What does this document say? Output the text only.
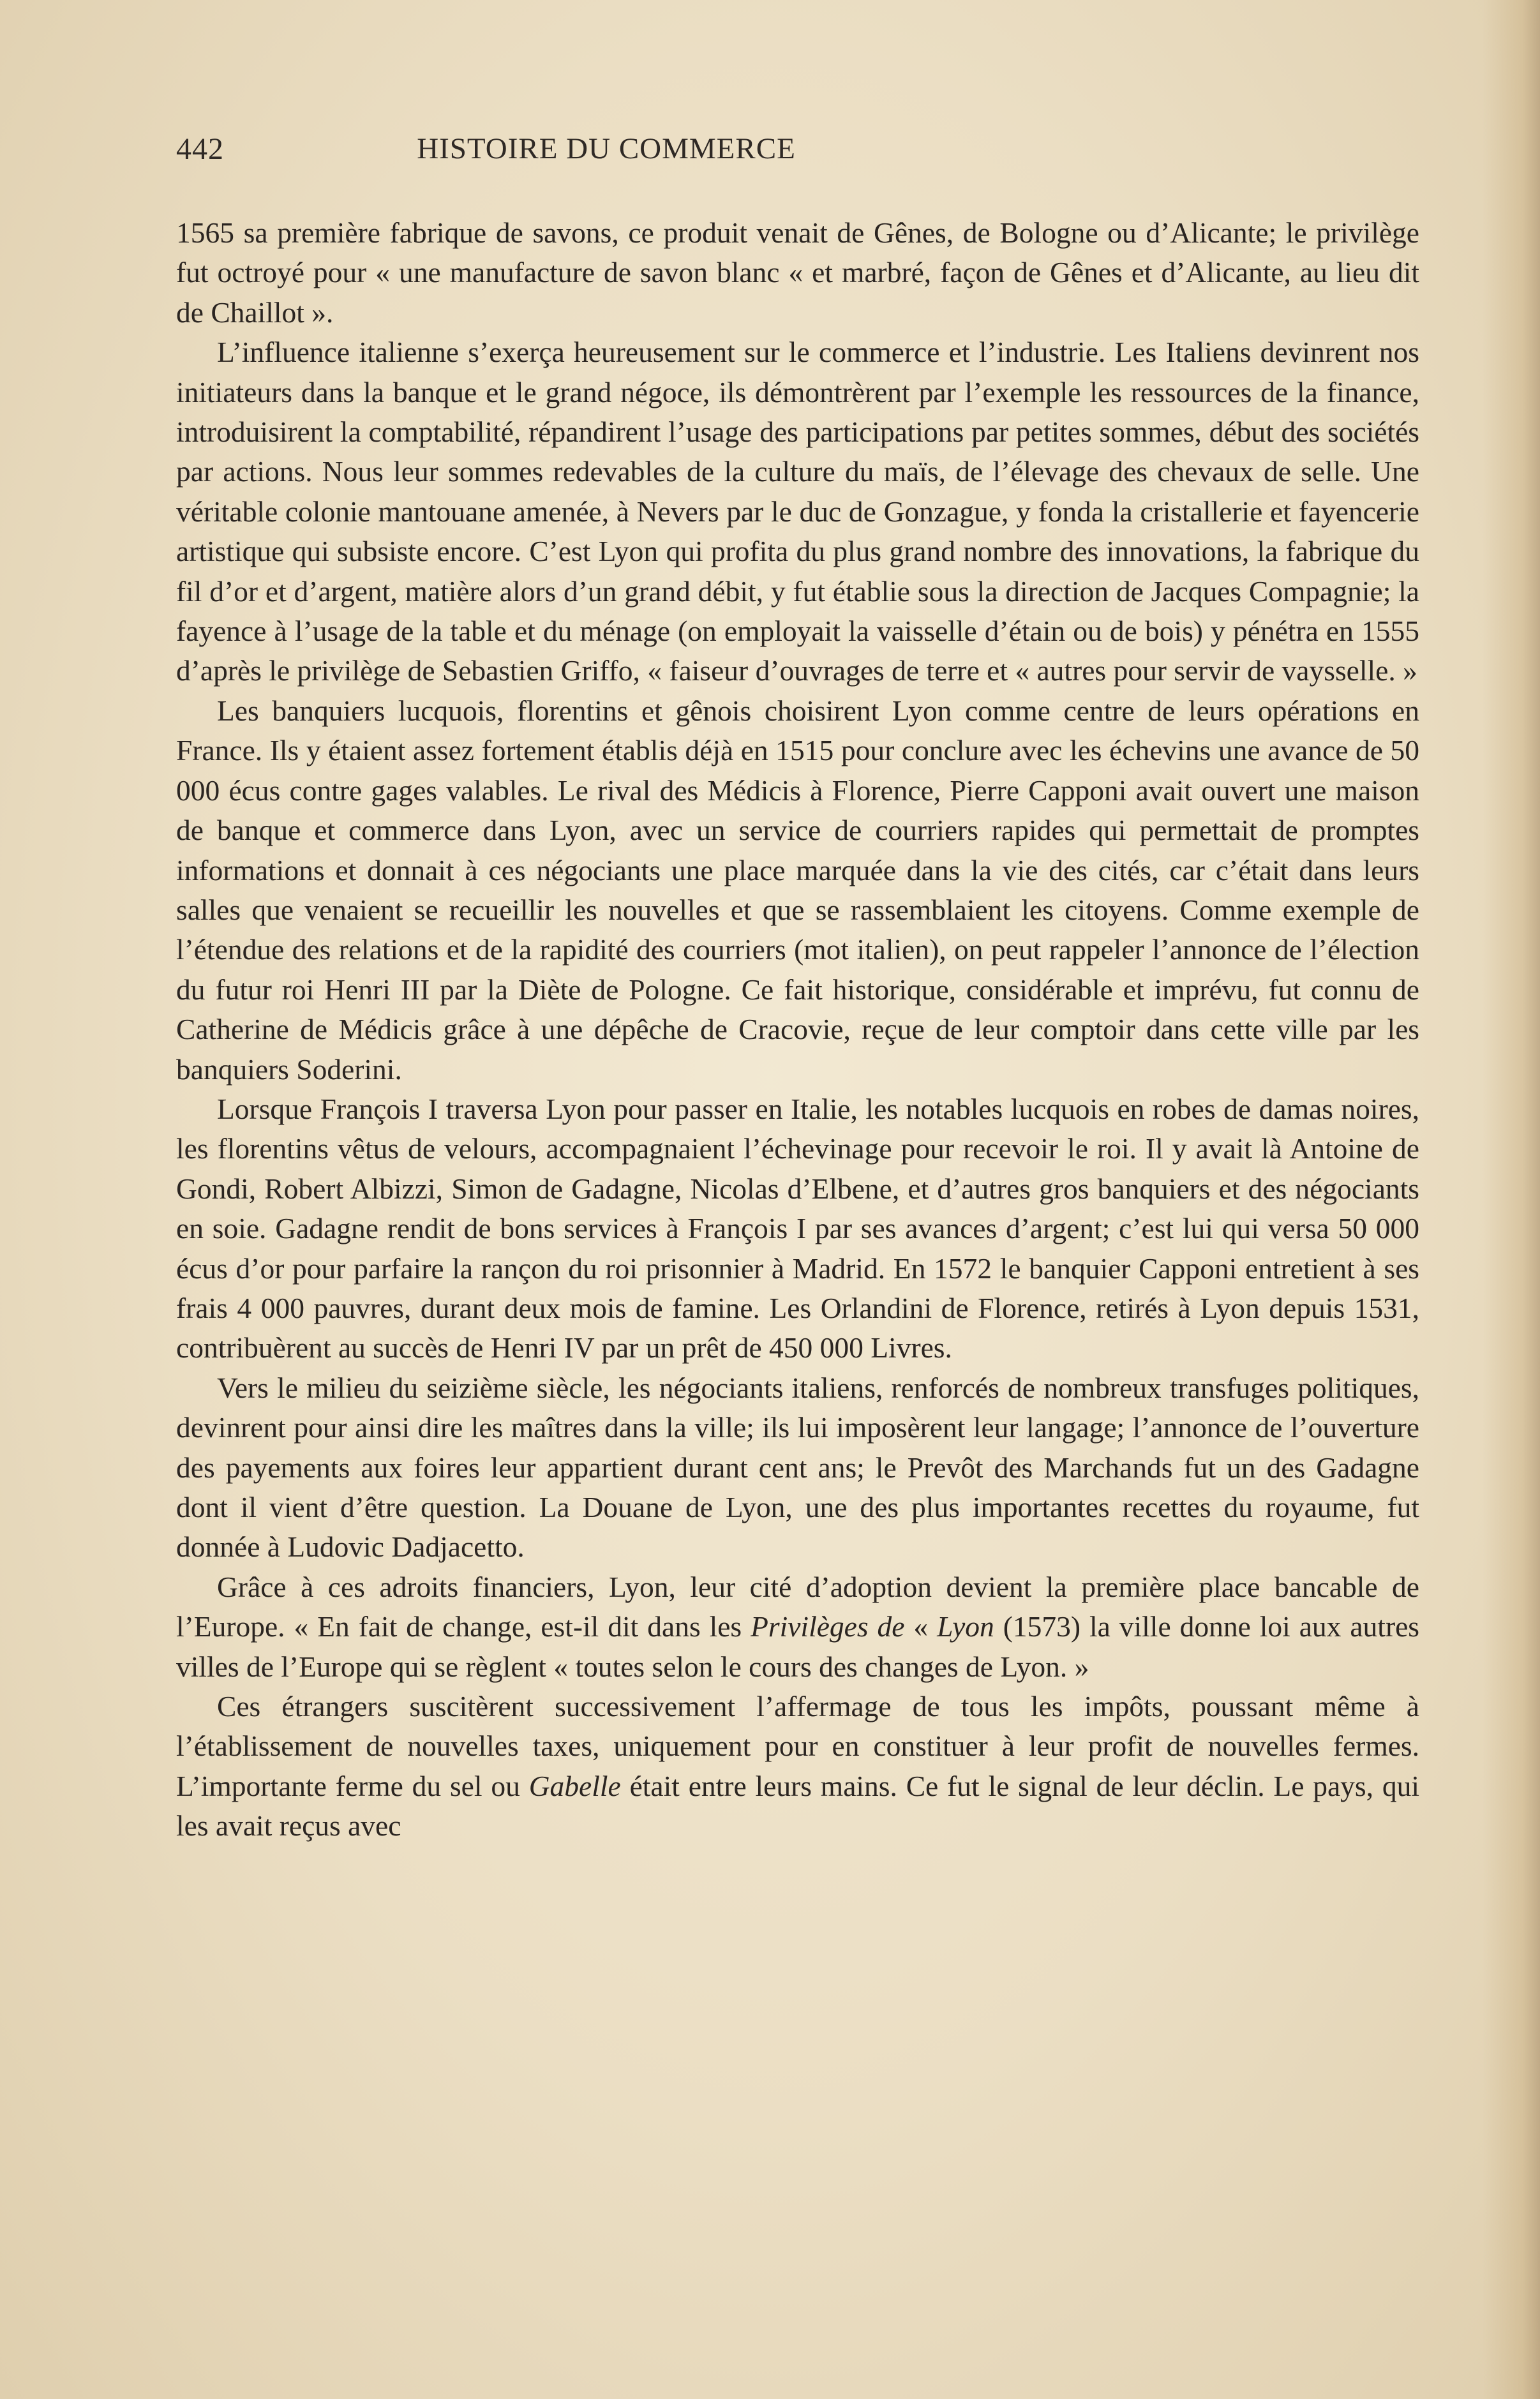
442	HISTOIRE DU COMMERCE

1565 sa première fabrique de savons, ce produit venait de Gênes, de Bologne ou d’Alicante; le privilège fut octroyé pour « une manufacture de savon blanc « et marbré, façon de Gênes et d’Alicante, au lieu dit de Chaillot ».

L’influence italienne s’exerça heureusement sur le commerce et l’industrie. Les Italiens devinrent nos initiateurs dans la banque et le grand négoce, ils démontrèrent par l’exemple les ressources de la finance, introduisirent la comptabilité, répandirent l’usage des participations par petites sommes, début des sociétés par actions. Nous leur sommes redevables de la culture du maïs, de l’élevage des chevaux de selle. Une véritable colonie mantouane amenée, à Nevers par le duc de Gonzague, y fonda la cristallerie et fayencerie artistique qui subsiste encore. C’est Lyon qui profita du plus grand nombre des innovations, la fabrique du fil d’or et d’argent, matière alors d’un grand débit, y fut établie sous la direction de Jacques Compagnie; la fayence à l’usage de la table et du ménage (on employait la vaisselle d’étain ou de bois) y pénétra en 1555 d’après le privilège de Sebastien Griffo, « faiseur d’ouvrages de terre et « autres pour servir de vaysselle. »

Les banquiers lucquois, florentins et gênois choisirent Lyon comme centre de leurs opérations en France. Ils y étaient assez fortement établis déjà en 1515 pour conclure avec les échevins une avance de 50 000 écus contre gages valables. Le rival des Médicis à Florence, Pierre Capponi avait ouvert une maison de banque et commerce dans Lyon, avec un service de courriers rapides qui permettait de promptes informations et donnait à ces négociants une place marquée dans la vie des cités, car c’était dans leurs salles que venaient se recueillir les nouvelles et que se rassemblaient les citoyens. Comme exemple de l’étendue des relations et de la rapidité des courriers (mot italien), on peut rappeler l’annonce de l’élection du futur roi Henri III par la Diète de Pologne. Ce fait historique, considérable et imprévu, fut connu de Catherine de Médicis grâce à une dépêche de Cracovie, reçue de leur comptoir dans cette ville par les banquiers Soderini.

Lorsque François I traversa Lyon pour passer en Italie, les notables lucquois en robes de damas noires, les florentins vêtus de velours, accompagnaient l’échevinage pour recevoir le roi. Il y avait là Antoine de Gondi, Robert Albizzi, Simon de Gadagne, Nicolas d’Elbene, et d’autres gros banquiers et des négociants en soie. Gadagne rendit de bons services à François I par ses avances d’argent; c’est lui qui versa 50 000 écus d’or pour parfaire la rançon du roi prisonnier à Madrid. En 1572 le banquier Capponi entretient à ses frais 4 000 pauvres, durant deux mois de famine. Les Orlandini de Florence, retirés à Lyon depuis 1531, contribuèrent au succès de Henri IV par un prêt de 450 000 Livres.

Vers le milieu du seizième siècle, les négociants italiens, renforcés de nombreux transfuges politiques, devinrent pour ainsi dire les maîtres dans la ville; ils lui imposèrent leur langage; l’annonce de l’ouverture des payements aux foires leur appartient durant cent ans; le Prevôt des Marchands fut un des Gadagne dont il vient d’être question. La Douane de Lyon, une des plus importantes recettes du royaume, fut donnée à Ludovic Dadjacetto.

Grâce à ces adroits financiers, Lyon, leur cité d’adoption devient la première place bancable de l’Europe. « En fait de change, est-il dit dans les Privilèges de « Lyon (1573) la ville donne loi aux autres villes de l’Europe qui se règlent « toutes selon le cours des changes de Lyon. »

Ces étrangers suscitèrent successivement l’affermage de tous les impôts, poussant même à l’établissement de nouvelles taxes, uniquement pour en constituer à leur profit de nouvelles fermes. L’importante ferme du sel ou Gabelle était entre leurs mains. Ce fut le signal de leur déclin. Le pays, qui les avait reçus avec
